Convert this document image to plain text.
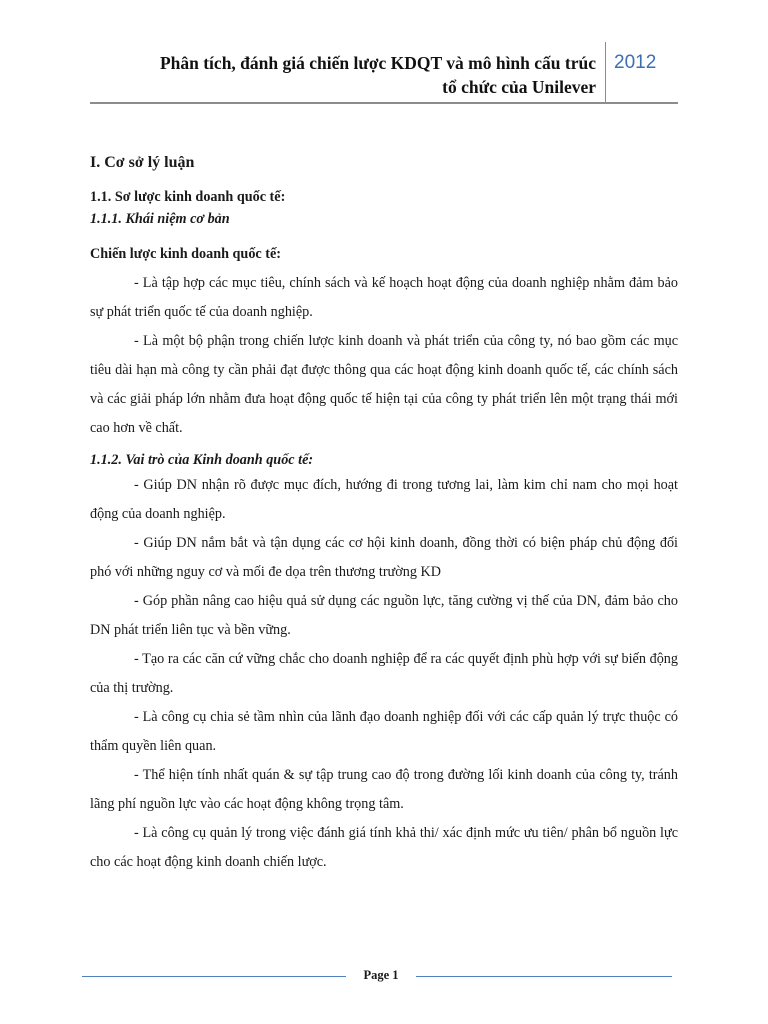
Phân tích, đánh giá chiến lược KDQT và mô hình cấu trúc
tổ chức của Unilever
2012

I. Cơ sở lý luận

1.1. Sơ lược kinh doanh quốc tế:

1.1.1. Khái niệm cơ bản

Chiến lược kinh doanh quốc tế:

- Là tập hợp các mục tiêu, chính sách và kế hoạch hoạt động của doanh nghiệp nhằm đảm bảo sự phát triển quốc tế của doanh nghiệp.

- Là một bộ phận trong chiến lược kinh doanh và phát triển của công ty, nó bao gồm các mục tiêu dài hạn mà công ty cần phải đạt được thông qua các hoạt động kinh doanh quốc tế, các chính sách và các giải pháp lớn nhằm đưa hoạt động quốc tế hiện tại của công ty phát triển lên một trạng thái mới cao hơn về chất.

1.1.2. Vai trò của Kinh doanh quốc tế:

- Giúp DN nhận rõ được mục đích, hướng đi trong tương lai, làm kim chỉ nam cho mọi hoạt động của doanh nghiệp.

- Giúp DN nắm bắt và tận dụng các cơ hội kinh doanh, đồng thời có biện pháp chủ động đối phó với những nguy cơ và mối đe dọa trên thương trường KD

- Góp phần nâng cao hiệu quả sử dụng các nguồn lực, tăng cường vị thế của DN, đảm bảo cho DN phát triển liên tục và bền vững.

- Tạo ra các căn cứ vững chắc cho doanh nghiệp để ra các quyết định phù hợp với sự biến động của thị trường.

- Là công cụ chia sẻ tầm nhìn của lãnh đạo doanh nghiệp đối với các cấp quản lý trực thuộc có thẩm quyền liên quan.

- Thể hiện tính nhất quán & sự tập trung cao độ trong đường lối kinh doanh của công ty, tránh lãng phí nguồn lực vào các hoạt động không trọng tâm.

- Là công cụ quản lý trong việc đánh giá tính khả thi/ xác định mức ưu tiên/ phân bổ nguồn lực cho các hoạt động kinh doanh chiến lược.

Page 1
